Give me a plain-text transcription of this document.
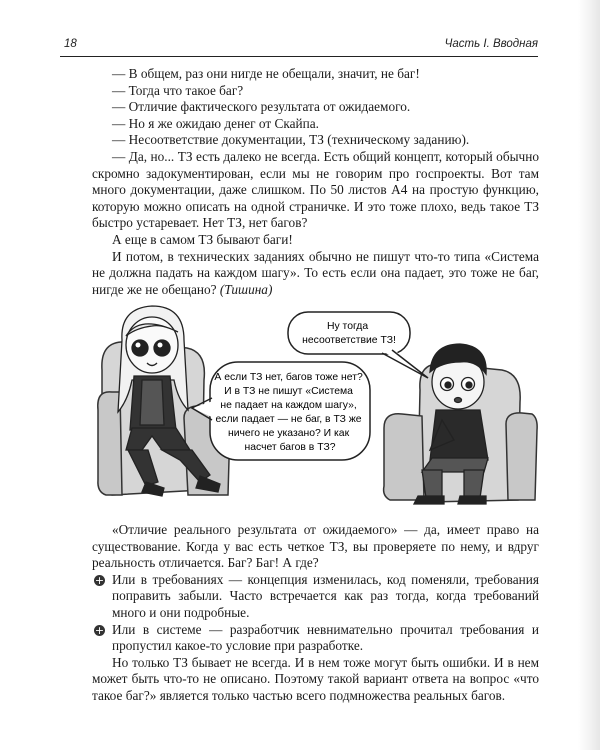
18	Часть I. Вводная

— В общем, раз они нигде не обещали, значит, не баг!

— Тогда что такое баг?

— Отличие фактического результата от ожидаемого.

— Но я же ожидаю денег от Скайпа.

— Несоответствие документации, ТЗ (техническому заданию).

— Да, но... ТЗ есть далеко не всегда. Есть общий концепт, который обычно скромно задокументирован, если мы не говорим про госпроекты. Вот там много документации, даже слишком. По 50 листов А4 на простую функцию, которую можно описать на одной страничке. И это тоже плохо, ведь такое ТЗ быстро устаревает. Нет ТЗ, нет багов?

А еще в самом ТЗ бывают баги!

И потом, в технических заданиях обычно не пишут что-то типа «Система не должна падать на каждом шагу». То есть если она падает, это тоже не баг, нигде же не обещано? (Тишина)

Ну тогда несоответствие ТЗ!
А если ТЗ нет, багов тоже нет? И в ТЗ не пишут «Система не падает на каждом шагу», если падает — не баг, в ТЗ же ничего не указано? И как насчет багов в ТЗ?

«Отличие реального результата от ожидаемого» — да, имеет право на существование. Когда у вас есть четкое ТЗ, вы проверяете по нему, и вдруг реальность отличается. Баг? Баг! А где?

+ Или в требованиях — концепция изменилась, код поменяли, требования поправить забыли. Часто встречается как раз тогда, когда требований много и они подробные.
+ Или в системе — разработчик невнимательно прочитал требования и пропустил какое-то условие при разработке.

Но только ТЗ бывает не всегда. И в нем тоже могут быть ошибки. И в нем может быть что-то не описано. Поэтому такой вариант ответа на вопрос «что такое баг?» является только частью всего подмножества реальных багов.
